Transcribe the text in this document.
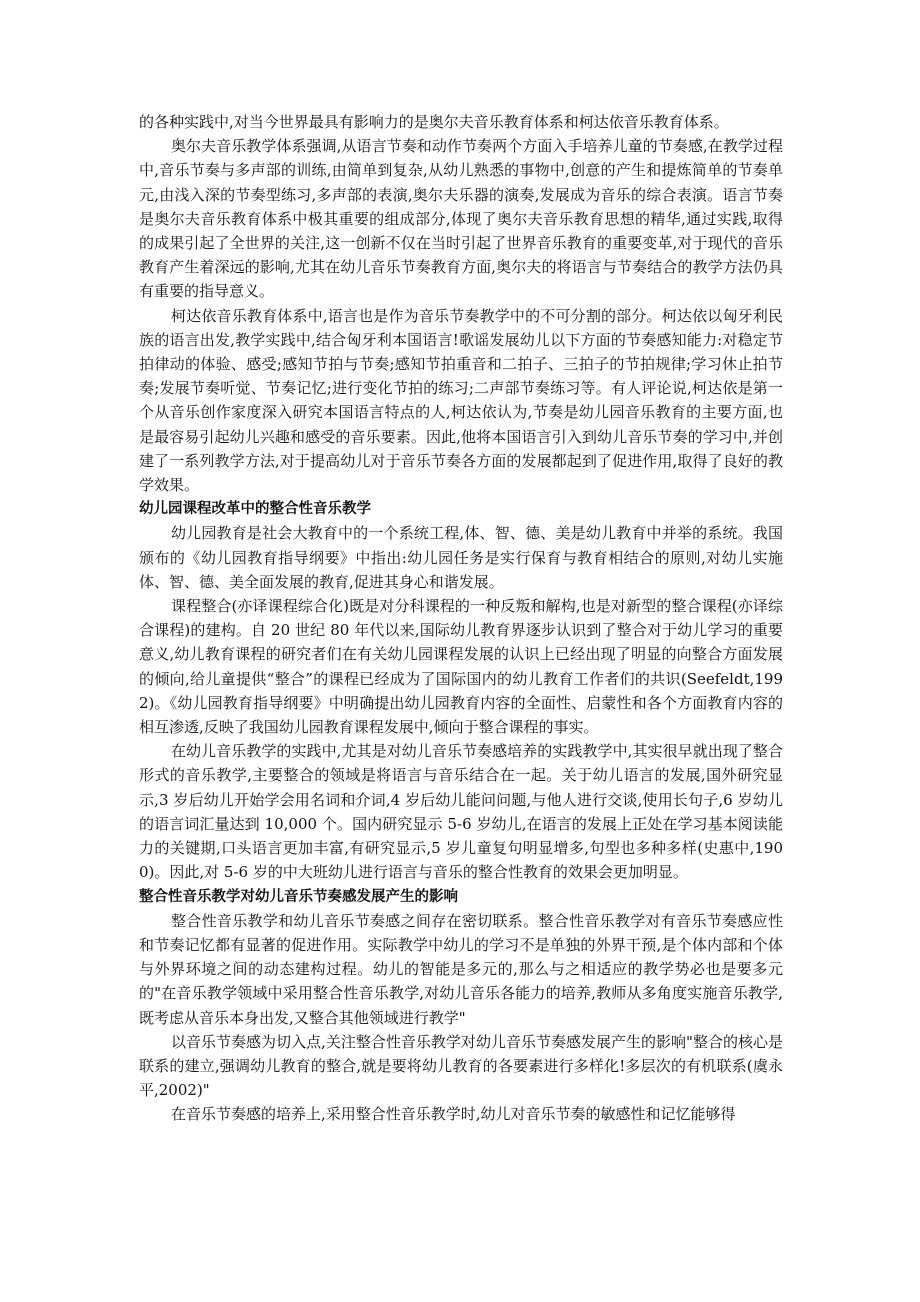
的各种实践中,对当今世界最具有影响力的是奥尔夫音乐教育体系和柯达依音乐教育体系。

奥尔夫音乐教学体系强调,从语言节奏和动作节奏两个方面入手培养儿童的节奏感,在教学过程中,音乐节奏与多声部的训练,由简单到复杂,从幼儿熟悉的事物中,创意的产生和提炼简单的节奏单元,由浅入深的节奏型练习,多声部的表演,奥尔夫乐器的演奏,发展成为音乐的综合表演。语言节奏是奥尔夫音乐教育体系中极其重要的组成部分,体现了奥尔夫音乐教育思想的精华,通过实践,取得的成果引起了全世界的关注,这一创新不仅在当时引起了世界音乐教育的重要变革,对于现代的音乐教育产生着深远的影响,尤其在幼儿音乐节奏教育方面,奥尔夫的将语言与节奏结合的教学方法仍具有重要的指导意义。

柯达依音乐教育体系中,语言也是作为音乐节奏教学中的不可分割的部分。柯达依以匈牙利民族的语言出发,教学实践中,结合匈牙利本国语言!歌谣发展幼儿以下方面的节奏感知能力:对稳定节拍律动的体验、感受;感知节拍与节奏;感知节拍重音和二拍子、三拍子的节拍规律;学习休止拍节奏;发展节奏听觉、节奏记忆;进行变化节拍的练习;二声部节奏练习等。有人评论说,柯达依是第一个从音乐创作家度深入研究本国语言特点的人,柯达依认为,节奏是幼儿园音乐教育的主要方面,也是最容易引起幼儿兴趣和感受的音乐要素。因此,他将本国语言引入到幼儿音乐节奏的学习中,并创建了一系列教学方法,对于提高幼儿对于音乐节奏各方面的发展都起到了促进作用,取得了良好的教学效果。

幼儿园课程改革中的整合性音乐教学

幼儿园教育是社会大教育中的一个系统工程,体、智、德、美是幼儿教育中并举的系统。我国颁布的《幼儿园教育指导纲要》中指出:幼儿园任务是实行保育与教育相结合的原则,对幼儿实施体、智、德、美全面发展的教育,促进其身心和谐发展。

课程整合(亦译课程综合化)既是对分科课程的一种反叛和解构,也是对新型的整合课程(亦译综合课程)的建构。自 20 世纪 80 年代以来,国际幼儿教育界逐步认识到了整合对于幼儿学习的重要意义,幼儿教育课程的研究者们在有关幼儿园课程发展的认识上已经出现了明显的向整合方面发展的倾向,给儿童提供“整合”的课程已经成为了国际国内的幼儿教育工作者们的共识(Seefeldt,1992)。《幼儿园教育指导纲要》中明确提出幼儿园教育内容的全面性、启蒙性和各个方面教育内容的相互渗透,反映了我国幼儿园教育课程发展中,倾向于整合课程的事实。

在幼儿音乐教学的实践中,尤其是对幼儿音乐节奏感培养的实践教学中,其实很早就出现了整合形式的音乐教学,主要整合的领域是将语言与音乐结合在一起。关于幼儿语言的发展,国外研究显示,3 岁后幼儿开始学会用名词和介词,4 岁后幼儿能问问题,与他人进行交谈,使用长句子,6 岁幼儿的语言词汇量达到 10,000 个。国内研究显示 5-6 岁幼儿,在语言的发展上正处在学习基本阅读能力的关键期,口头语言更加丰富,有研究显示,5 岁儿童复句明显增多,句型也多种多样(史惠中,1900)。因此,对 5-6 岁的中大班幼儿进行语言与音乐的整合性教育的效果会更加明显。

整合性音乐教学对幼儿音乐节奏感发展产生的影响

整合性音乐教学和幼儿音乐节奏感之间存在密切联系。整合性音乐教学对有音乐节奏感应性和节奏记忆都有显著的促进作用。实际教学中幼儿的学习不是单独的外界干预,是个体内部和个体与外界环境之间的动态建构过程。幼儿的智能是多元的,那么与之相适应的教学势必也是要多元的"在音乐教学领域中采用整合性音乐教学,对幼儿音乐各能力的培养,教师从多角度实施音乐教学,既考虑从音乐本身出发,又整合其他领域进行教学"

以音乐节奏感为切入点,关注整合性音乐教学对幼儿音乐节奏感发展产生的影响"整合的核心是联系的建立,强调幼儿教育的整合,就是要将幼儿教育的各要素进行多样化!多层次的有机联系(虞永平,2002)"

在音乐节奏感的培养上,采用整合性音乐教学时,幼儿对音乐节奏的敏感性和记忆能够得
